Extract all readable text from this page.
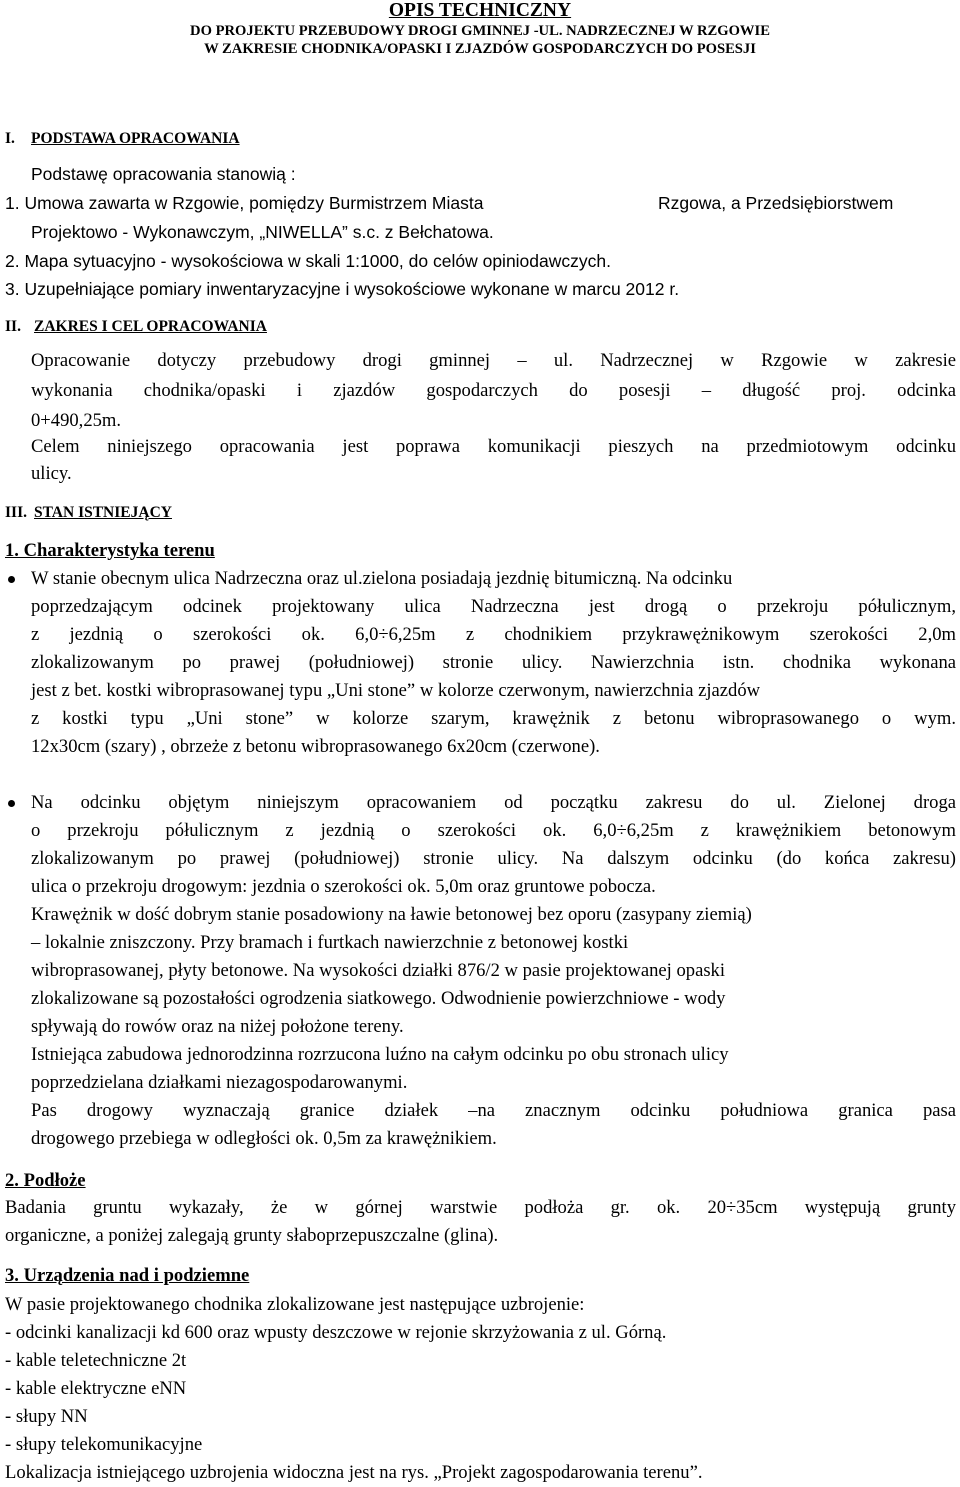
OPIS TECHNICZNY
DO PROJEKTU PRZEBUDOWY DROGI GMINNEJ -UL. NADRZECZNEJ W RZGOWIE
W ZAKRESIE CHODNIKA/OPASKI I ZJAZDÓW GOSPODARCZYCH DO POSESJI
I. PODSTAWA OPRACOWANIA
Podstawę opracowania stanowią :
1. Umowa zawarta w Rzgowie, pomiędzy Burmistrzem Miasta	Rzgowa, a Przedsiębiorstwem
Projektowo - Wykonawczym, „NIWELLA” s.c. z Bełchatowa.
2. Mapa sytuacyjno - wysokościowa w skali 1:1000, do celów opiniodawczych.
3. Uzupełniające pomiary inwentaryzacyjne i wysokościowe wykonane w marcu 2012 r.
II. ZAKRES I CEL OPRACOWANIA
Opracowanie dotyczy przebudowy drogi gminnej – ul. Nadrzecznej w Rzgowie w zakresie
wykonania chodnika/opaski i zjazdów gospodarczych do posesji – długość proj. odcinka
0+490,25m.
Celem niniejszego opracowania jest poprawa komunikacji pieszych na przedmiotowym odcinku
ulicy.
III. STAN ISTNIEJĄCY
1. Charakterystyka terenu
W stanie obecnym ulica Nadrzeczna oraz ul.zielona posiadają jezdnię bitumiczną. Na odcinku
poprzedzającym odcinek projektowany ulica Nadrzeczna jest drogą o przekroju półulicznym,
z jezdnią o szerokości ok. 6,0÷6,25m z chodnikiem przykrawężnikowym szerokości 2,0m
zlokalizowanym po prawej (południowej) stronie ulicy. Nawierzchnia istn. chodnika wykonana
jest z bet. kostki wibroprasowanej typu „Uni stone” w kolorze czerwonym, nawierzchnia zjazdów
z kostki typu „Uni stone” w kolorze szarym, krawężnik z betonu wibroprasowanego o wym.
12x30cm (szary) , obrzeże z betonu wibroprasowanego 6x20cm (czerwone).
Na odcinku objętym niniejszym opracowaniem od początku zakresu do ul. Zielonej droga
o przekroju półulicznym z jezdnią o szerokości ok. 6,0÷6,25m z krawężnikiem betonowym
zlokalizowanym po prawej (południowej) stronie ulicy. Na dalszym odcinku (do końca zakresu)
ulica o przekroju drogowym: jezdnia o szerokości ok. 5,0m oraz gruntowe pobocza.
Krawężnik w dość dobrym stanie posadowiony na ławie betonowej bez oporu (zasypany ziemią)
– lokalnie zniszczony. Przy bramach i furtkach nawierzchnie z betonowej kostki
wibroprasowanej, płyty betonowe. Na wysokości działki 876/2 w pasie projektowanej opaski
zlokalizowane są pozostałości ogrodzenia siatkowego. Odwodnienie powierzchniowe - wody
spływają do rowów oraz na niżej położone tereny.
Istniejąca zabudowa jednorodzinna rozrzucona luźno na całym odcinku po obu stronach ulicy
poprzedzielana działkami niezagospodarowanymi.
Pas drogowy wyznaczają granice działek –na znacznym odcinku południowa granica pasa
drogowego przebiega w odległości ok. 0,5m za krawężnikiem.
2. Podłoże
Badania gruntu wykazały, że w górnej warstwie podłoża gr. ok. 20÷35cm występują grunty
organiczne, a poniżej zalegają grunty słaboprzepuszczalne (glina).
3. Urządzenia nad i podziemne
W pasie projektowanego chodnika zlokalizowane jest następujące uzbrojenie:
- odcinki kanalizacji kd 600 oraz wpusty deszczowe w rejonie skrzyżowania z ul. Górną.
- kable teletechniczne 2t
- kable elektryczne eNN
- słupy NN
- słupy telekomunikacyjne
Lokalizacja istniejącego uzbrojenia widoczna jest na rys. „Projekt zagospodarowania terenu”.
